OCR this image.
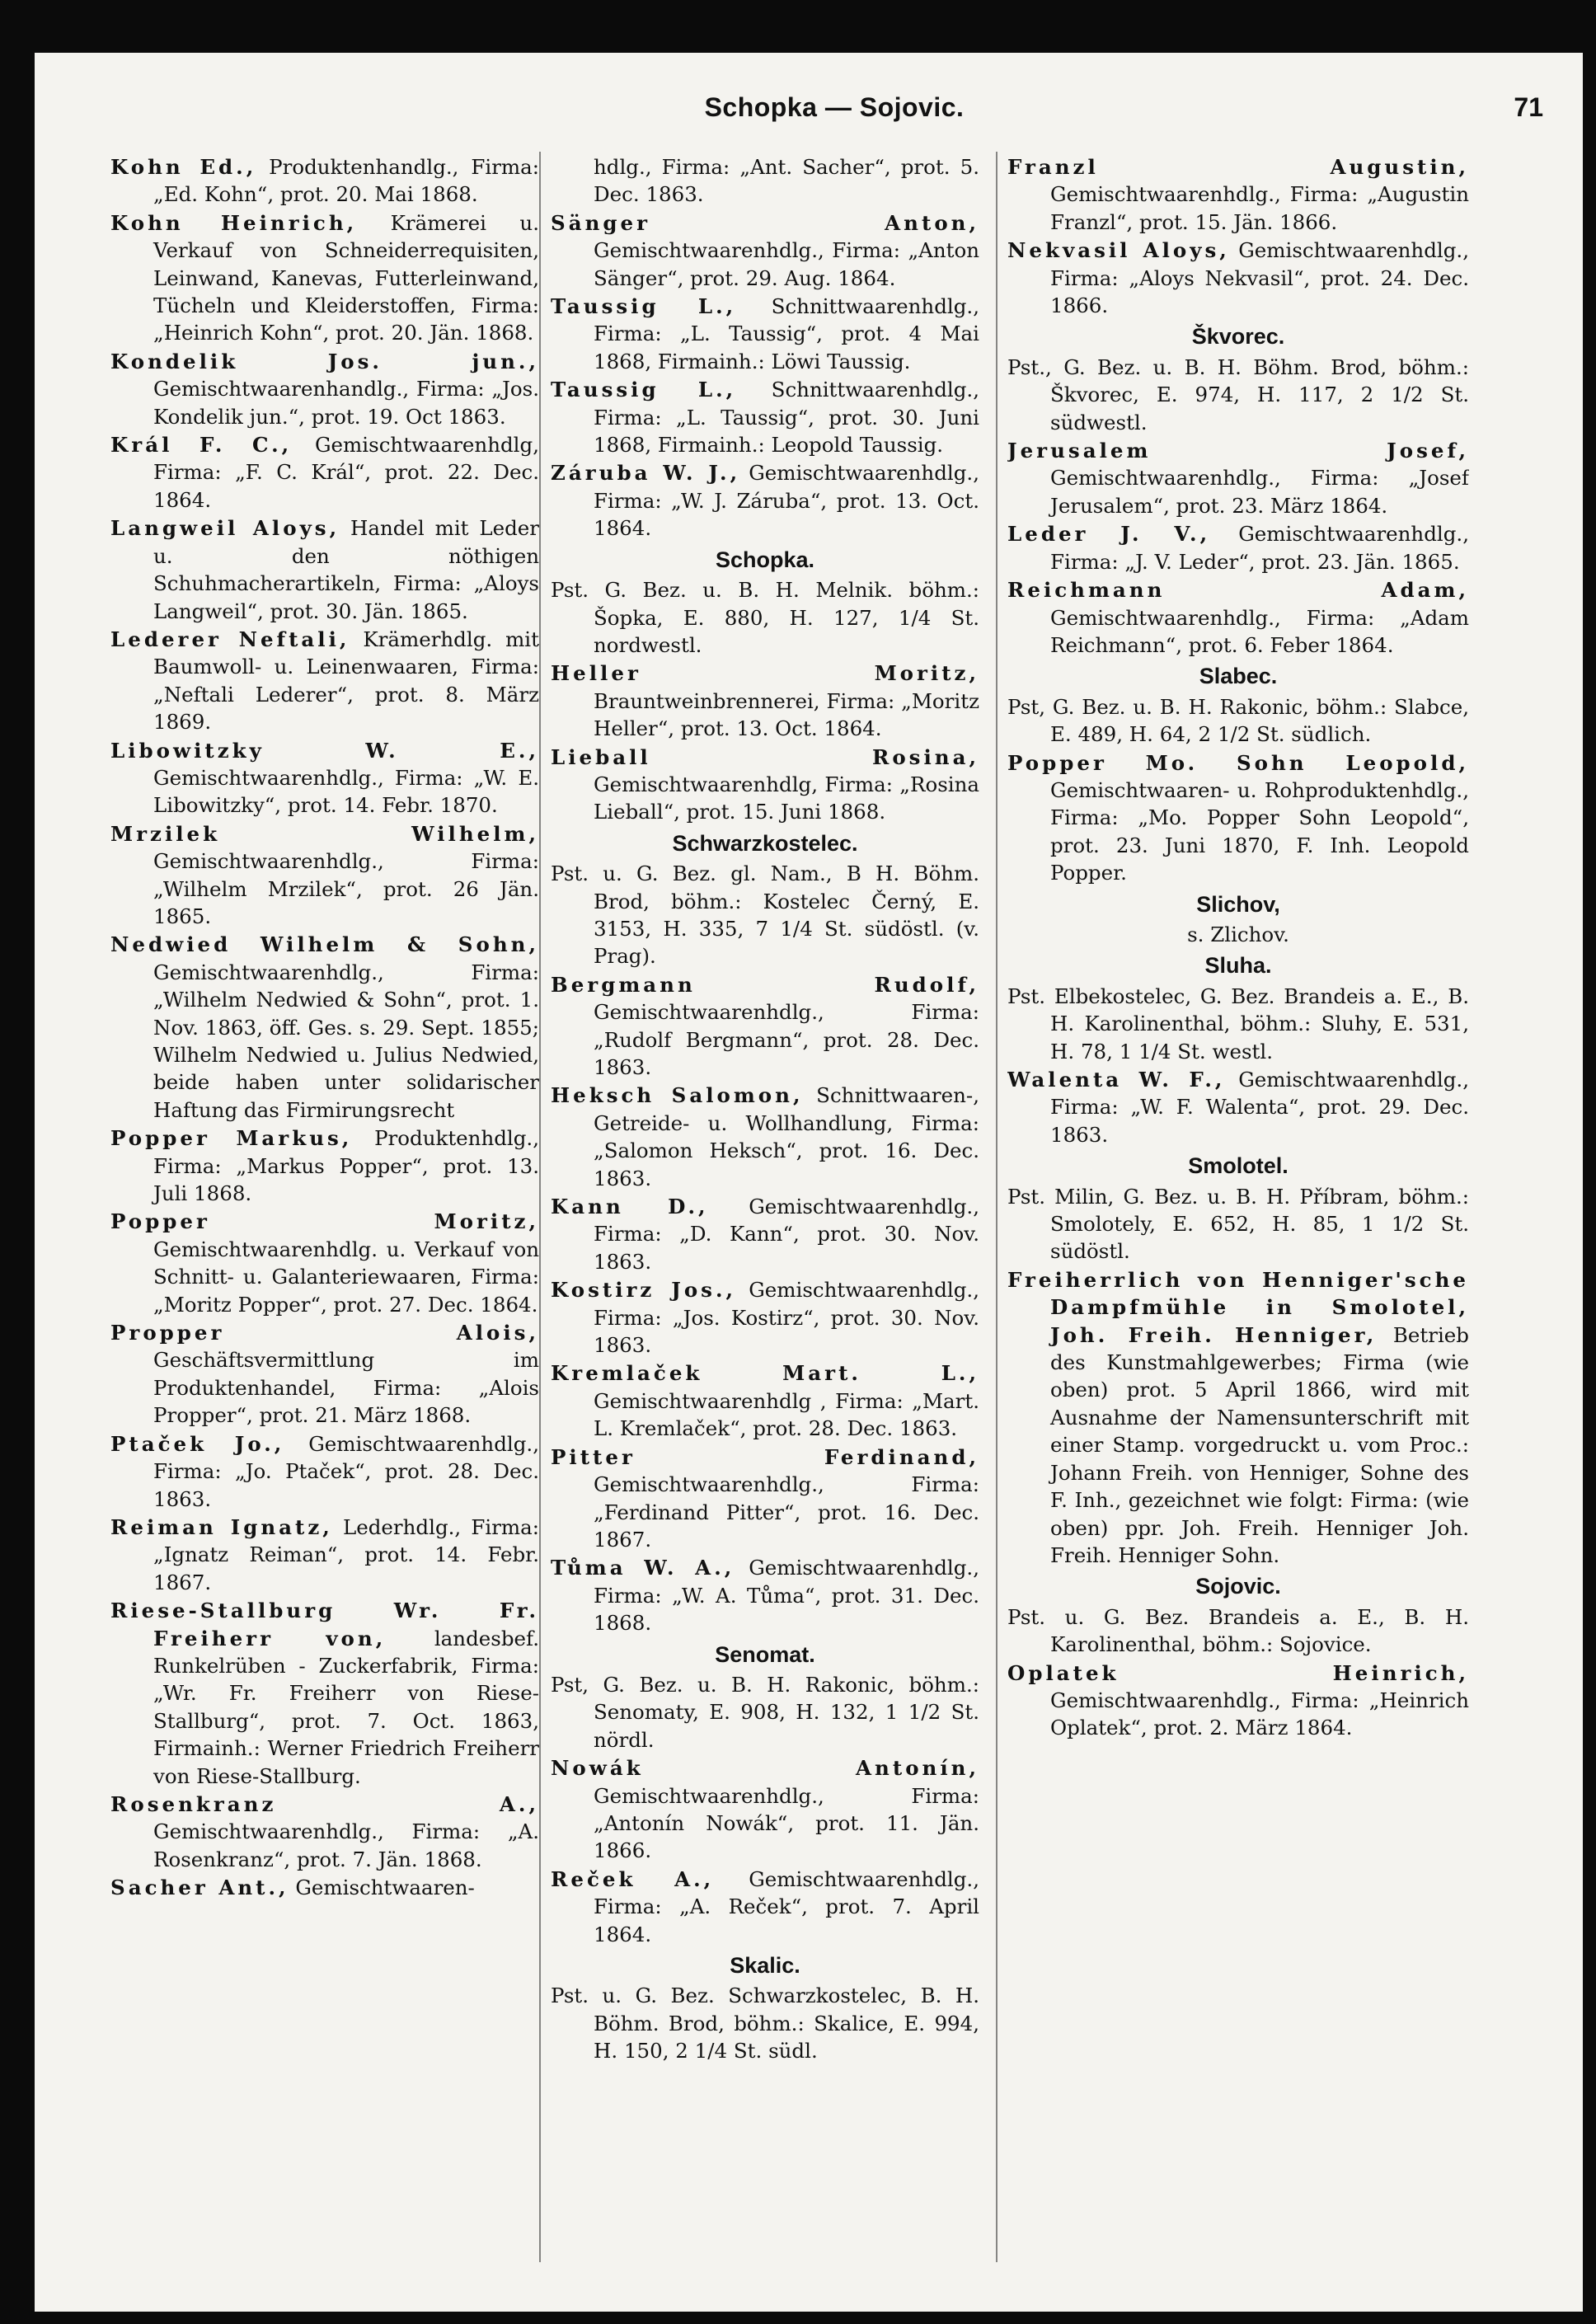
Schopka — Sojovic.	71
Kohn Ed., Produktenhandlg., Firma: „Ed. Kohn“, prot. 20. Mai 1868.
Kohn Heinrich, Krämerei u. Verkauf von Schneiderrequisiten, Leinwand, Kanevas, Futterleinwand, Tücheln und Kleiderstoffen, Firma: „Heinrich Kohn“, prot. 20. Jän. 1868.
Kondelik Jos. jun., Gemischtwaarenhandlg., Firma: „Jos. Kondelik jun.“, prot. 19. Oct 1863.
Král F. C., Gemischtwaarenhdlg, Firma: „F. C. Král“, prot. 22. Dec. 1864.
Langweil Aloys, Handel mit Leder u. den nöthigen Schuhmacherartikeln, Firma: „Aloys Langweil“, prot. 30. Jän. 1865.
Lederer Neftali, Krämerhdlg. mit Baumwoll- u. Leinenwaaren, Firma: „Neftali Lederer“, prot. 8. März 1869.
Libowitzky W. E., Gemischtwaarenhdlg., Firma: „W. E. Libowitzky“, prot. 14. Febr. 1870.
Mrzilek Wilhelm, Gemischtwaarenhdlg., Firma: „Wilhelm Mrzilek“, prot. 26 Jän. 1865.
Nedwied Wilhelm & Sohn, Gemischtwaarenhdlg., Firma: „Wilhelm Nedwied & Sohn“, prot. 1. Nov. 1863, öff. Ges. s. 29. Sept. 1855; Wilhelm Nedwied u. Julius Nedwied, beide haben unter solidarischer Haftung das Firmirungsrecht
Popper Markus, Produktenhdlg., Firma: „Markus Popper“, prot. 13. Juli 1868.
Popper Moritz, Gemischtwaarenhdlg. u. Verkauf von Schnitt- u. Galanteriewaaren, Firma: „Moritz Popper“, prot. 27. Dec. 1864.
Propper Alois, Geschäftsvermittlung im Produktenhandel, Firma: „Alois Propper“, prot. 21. März 1868.
Ptaček Jo., Gemischtwaarenhdlg., Firma: „Jo. Ptaček“, prot. 28. Dec. 1863.
Reiman Ignatz, Lederhdlg., Firma: „Ignatz Reiman“, prot. 14. Febr. 1867.
Riese-Stallburg Wr. Fr. Freiherr von, landesbef. Runkelrüben - Zuckerfabrik, Firma: „Wr. Fr. Freiherr von Riese-Stallburg“, prot. 7. Oct. 1863, Firmainh.: Werner Friedrich Freiherr von Riese-Stallburg.
Rosenkranz A., Gemischtwaarenhdlg., Firma: „A. Rosenkranz“, prot. 7. Jän. 1868.
Sacher Ant., Gemischtwaaren-
hdlg., Firma: „Ant. Sacher“, prot. 5. Dec. 1863.
Sänger Anton, Gemischtwaarenhdlg., Firma: „Anton Sänger“, prot. 29. Aug. 1864.
Taussig L., Schnittwaarenhdlg., Firma: „L. Taussig“, prot. 4 Mai 1868, Firmainh.: Löwi Taussig.
Taussig L., Schnittwaarenhdlg., Firma: „L. Taussig“, prot. 30. Juni 1868, Firmainh.: Leopold Taussig.
Záruba W. J., Gemischtwaarenhdlg., Firma: „W. J. Záruba“, prot. 13. Oct. 1864.
Schopka.
Pst. G. Bez. u. B. H. Melnik. böhm.: Šopka, E. 880, H. 127, 1/4 St. nordwestl.
Heller Moritz, Brauntweinbrennerei, Firma: „Moritz Heller“, prot. 13. Oct. 1864.
Lieball Rosina, Gemischtwaarenhdlg, Firma: „Rosina Lieball“, prot. 15. Juni 1868.
Schwarzkostelec.
Pst. u. G. Bez. gl. Nam., B H. Böhm. Brod, böhm.: Kostelec Černý, E. 3153, H. 335, 7 1/4 St. südöstl. (v. Prag).
Bergmann Rudolf, Gemischtwaarenhdlg., Firma: „Rudolf Bergmann“, prot. 28. Dec. 1863.
Heksch Salomon, Schnittwaaren-, Getreide- u. Wollhandlung, Firma: „Salomon Heksch“, prot. 16. Dec. 1863.
Kann D., Gemischtwaarenhdlg., Firma: „D. Kann“, prot. 30. Nov. 1863.
Kostirz Jos., Gemischtwaarenhdlg., Firma: „Jos. Kostirz“, prot. 30. Nov. 1863.
Kremlaček Mart. L., Gemischtwaarenhdlg , Firma: „Mart. L. Kremlaček“, prot. 28. Dec. 1863.
Pitter Ferdinand, Gemischtwaarenhdlg., Firma: „Ferdinand Pitter“, prot. 16. Dec. 1867.
Tůma W. A., Gemischtwaarenhdlg., Firma: „W. A. Tůma“, prot. 31. Dec. 1868.
Senomat.
Pst, G. Bez. u. B. H. Rakonic, böhm.: Senomaty, E. 908, H. 132, 1 1/2 St. nördl.
Nowák Antonín, Gemischtwaarenhdlg., Firma: „Antonín Nowák“, prot. 11. Jän. 1866.
Reček A., Gemischtwaarenhdlg., Firma: „A. Reček“, prot. 7. April 1864.
Skalic.
Pst. u. G. Bez. Schwarzkostelec, B. H. Böhm. Brod, böhm.: Skalice, E. 994, H. 150, 2 1/4 St. südl.
Franzl Augustin, Gemischtwaarenhdlg., Firma: „Augustin Franzl“, prot. 15. Jän. 1866.
Nekvasil Aloys, Gemischtwaarenhdlg., Firma: „Aloys Nekvasil“, prot. 24. Dec. 1866.
Škvorec.
Pst., G. Bez. u. B. H. Böhm. Brod, böhm.: Škvorec, E. 974, H. 117, 2 1/2 St. südwestl.
Jerusalem Josef, Gemischtwaarenhdlg., Firma: „Josef Jerusalem“, prot. 23. März 1864.
Leder J. V., Gemischtwaarenhdlg., Firma: „J. V. Leder“, prot. 23. Jän. 1865.
Reichmann Adam, Gemischtwaarenhdlg., Firma: „Adam Reichmann“, prot. 6. Feber 1864.
Slabec.
Pst, G. Bez. u. B. H. Rakonic, böhm.: Slabce, E. 489, H. 64, 2 1/2 St. südlich.
Popper Mo. Sohn Leopold, Gemischtwaaren- u. Rohproduktenhdlg., Firma: „Mo. Popper Sohn Leopold“, prot. 23. Juni 1870, F. Inh. Leopold Popper.
Slichov,
s. Zlichov.
Sluha.
Pst. Elbekostelec, G. Bez. Brandeis a. E., B. H. Karolinenthal, böhm.: Sluhy, E. 531, H. 78, 1 1/4 St. westl.
Walenta W. F., Gemischtwaarenhdlg., Firma: „W. F. Walenta“, prot. 29. Dec. 1863.
Smolotel.
Pst. Milin, G. Bez. u. B. H. Příbram, böhm.: Smolotely, E. 652, H. 85, 1 1/2 St. südöstl.
Freiherrlich von Henniger'sche Dampfmühle in Smolotel, Joh. Freih. Henniger, Betrieb des Kunstmahlgewerbes; Firma (wie oben) prot. 5 April 1866, wird mit Ausnahme der Namensunterschrift mit einer Stamp. vorgedruckt u. vom Proc.: Johann Freih. von Henniger, Sohne des F. Inh., gezeichnet wie folgt: Firma: (wie oben) ppr. Joh. Freih. Henniger Joh. Freih. Henniger Sohn.
Sojovic.
Pst. u. G. Bez. Brandeis a. E., B. H. Karolinenthal, böhm.: Sojovice.
Oplatek Heinrich, Gemischtwaarenhdlg., Firma: „Heinrich Oplatek“, prot. 2. März 1864.
